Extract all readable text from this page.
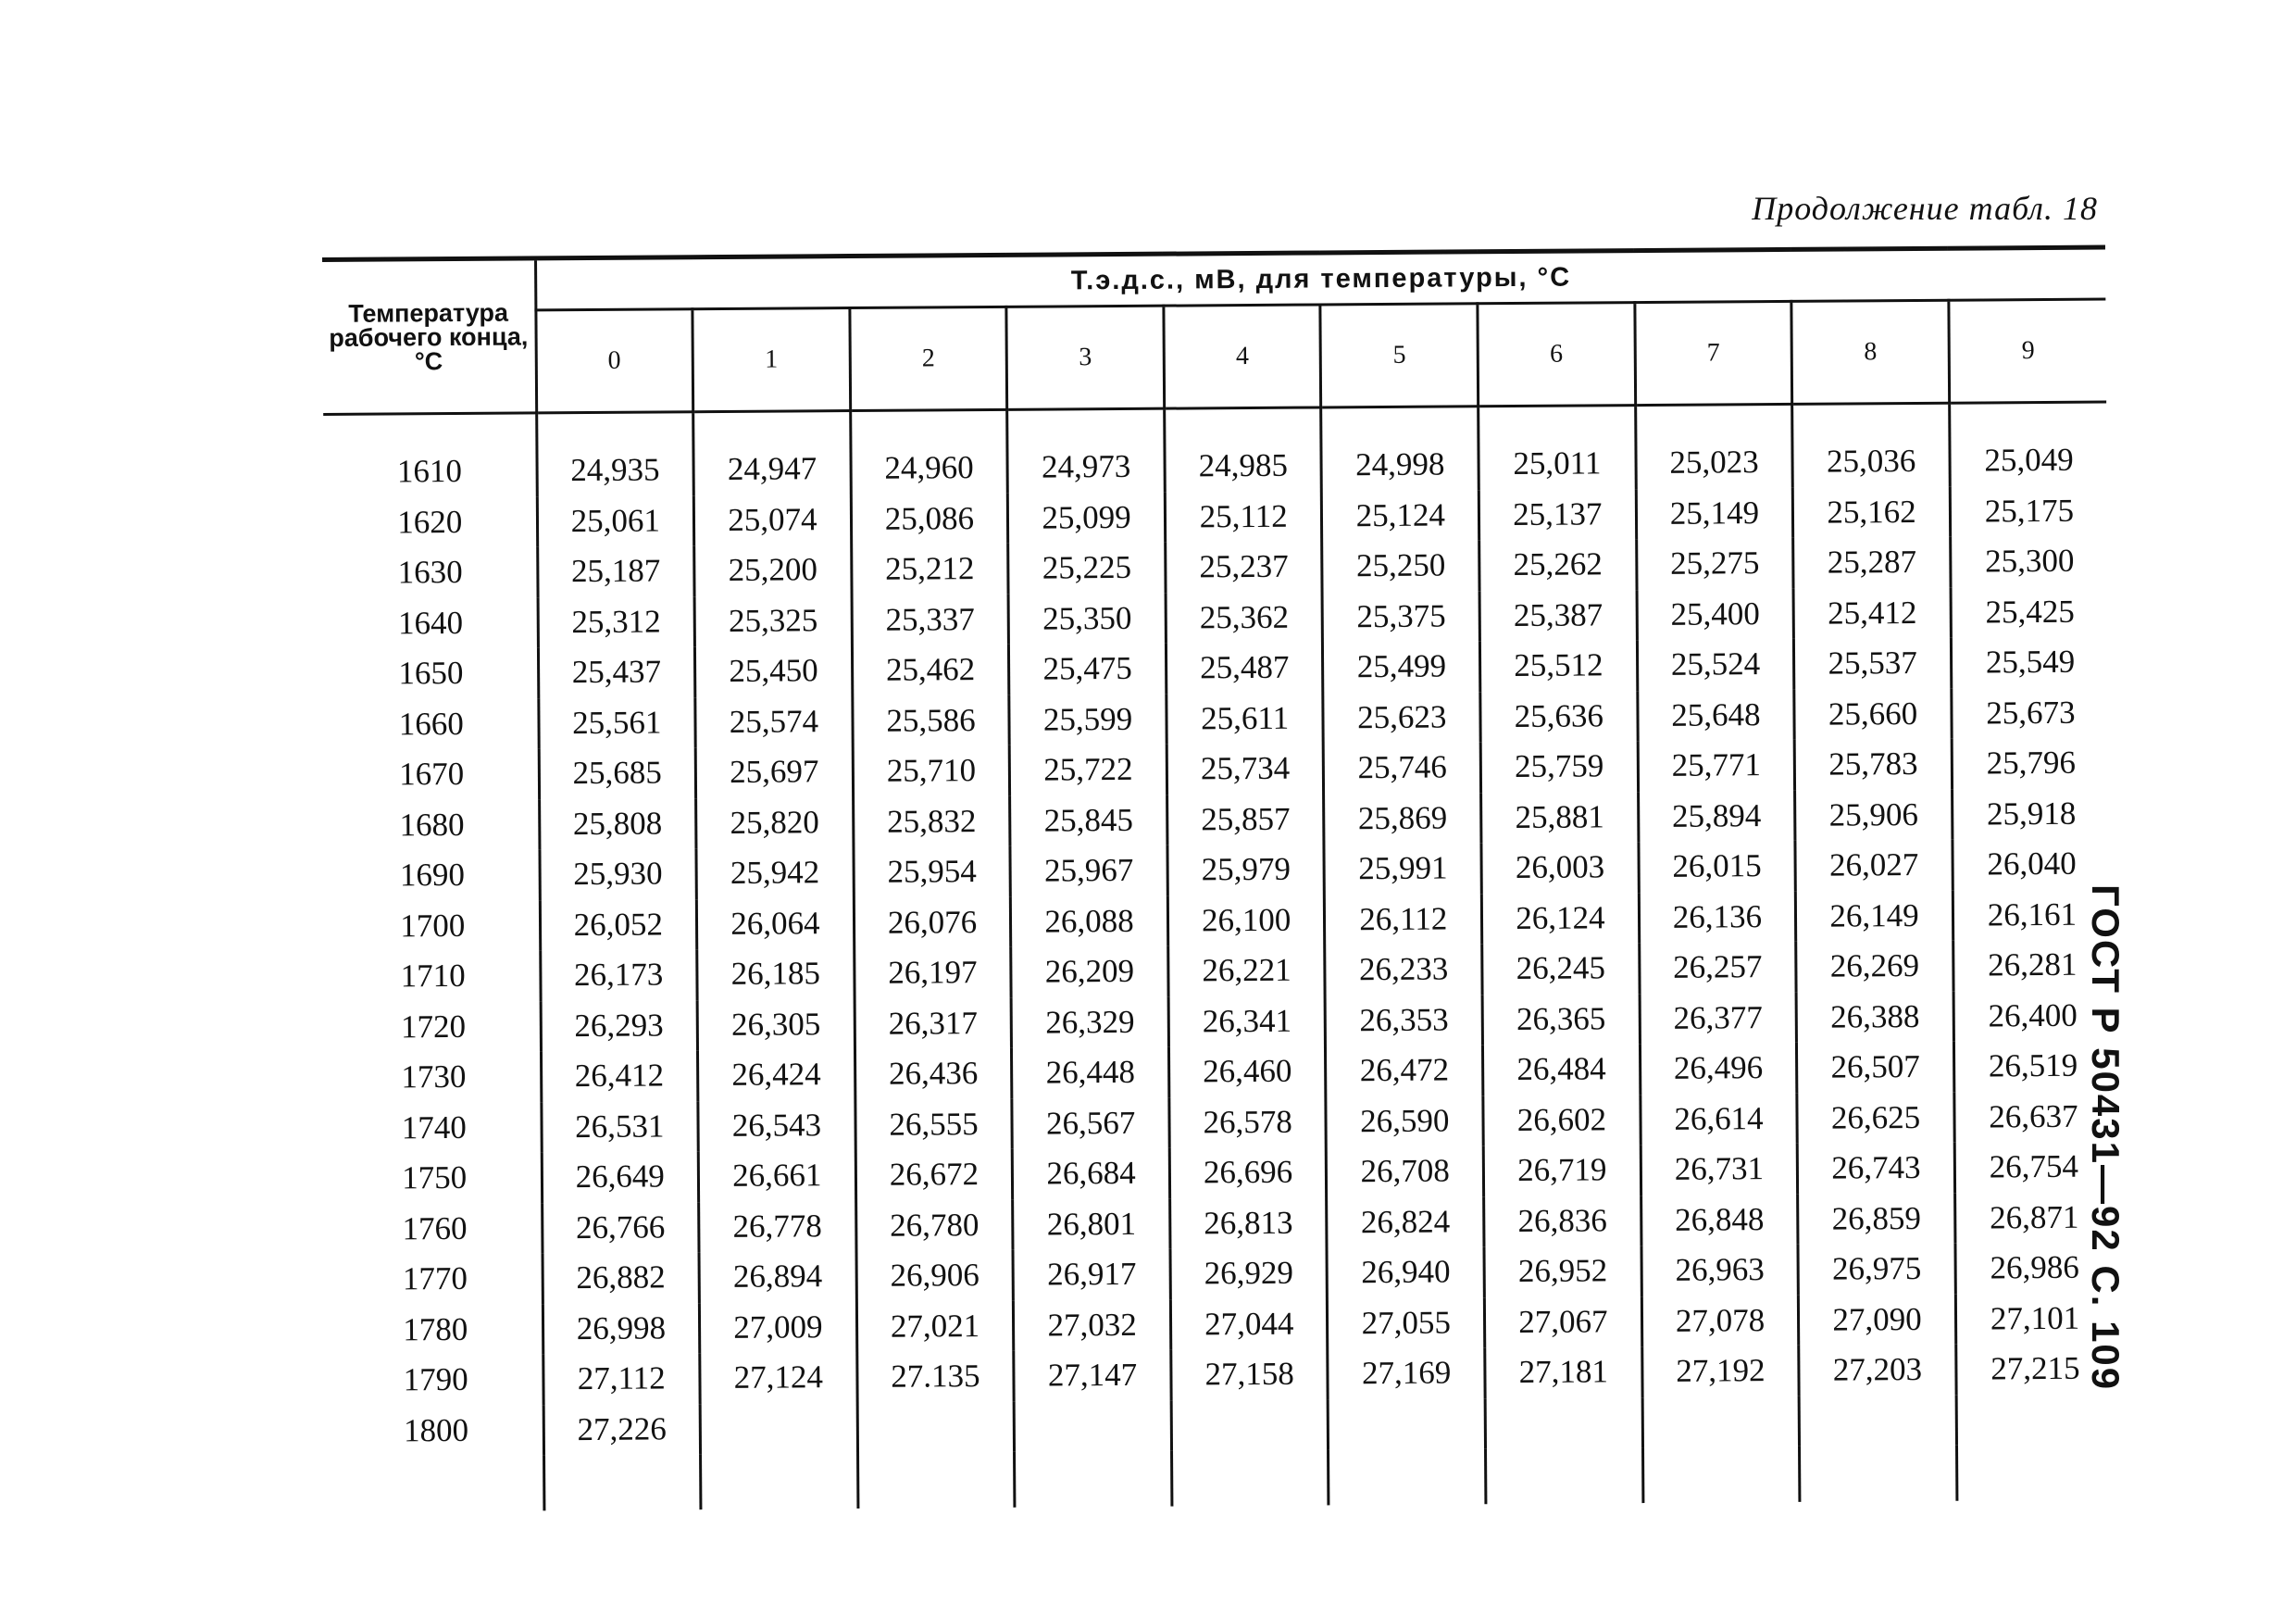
Продолжение табл. 18
ГОСТ Р 50431—92 С. 109
Температура рабочего конца, °С	Т.э.д.с., мВ, для температуры, °С									
	0	1	2	3	4	5	6	7	8	9
1610	24,935	24,947	24,960	24,973	24,985	24,998	25,011	25,023	25,036	25,049
1620	25,061	25,074	25,086	25,099	25,112	25,124	25,137	25,149	25,162	25,175
1630	25,187	25,200	25,212	25,225	25,237	25,250	25,262	25,275	25,287	25,300
1640	25,312	25,325	25,337	25,350	25,362	25,375	25,387	25,400	25,412	25,425
1650	25,437	25,450	25,462	25,475	25,487	25,499	25,512	25,524	25,537	25,549
1660	25,561	25,574	25,586	25,599	25,611	25,623	25,636	25,648	25,660	25,673
1670	25,685	25,697	25,710	25,722	25,734	25,746	25,759	25,771	25,783	25,796
1680	25,808	25,820	25,832	25,845	25,857	25,869	25,881	25,894	25,906	25,918
1690	25,930	25,942	25,954	25,967	25,979	25,991	26,003	26,015	26,027	26,040
1700	26,052	26,064	26,076	26,088	26,100	26,112	26,124	26,136	26,149	26,161
1710	26,173	26,185	26,197	26,209	26,221	26,233	26,245	26,257	26,269	26,281
1720	26,293	26,305	26,317	26,329	26,341	26,353	26,365	26,377	26,388	26,400
1730	26,412	26,424	26,436	26,448	26,460	26,472	26,484	26,496	26,507	26,519
1740	26,531	26,543	26,555	26,567	26,578	26,590	26,602	26,614	26,625	26,637
1750	26,649	26,661	26,672	26,684	26,696	26,708	26,719	26,731	26,743	26,754
1760	26,766	26,778	26,780	26,801	26,813	26,824	26,836	26,848	26,859	26,871
1770	26,882	26,894	26,906	26,917	26,929	26,940	26,952	26,963	26,975	26,986
1780	26,998	27,009	27,021	27,032	27,044	27,055	27,067	27,078	27,090	27,101
1790	27,112	27,124	27.135	27,147	27,158	27,169	27,181	27,192	27,203	27,215
1800	27,226									
